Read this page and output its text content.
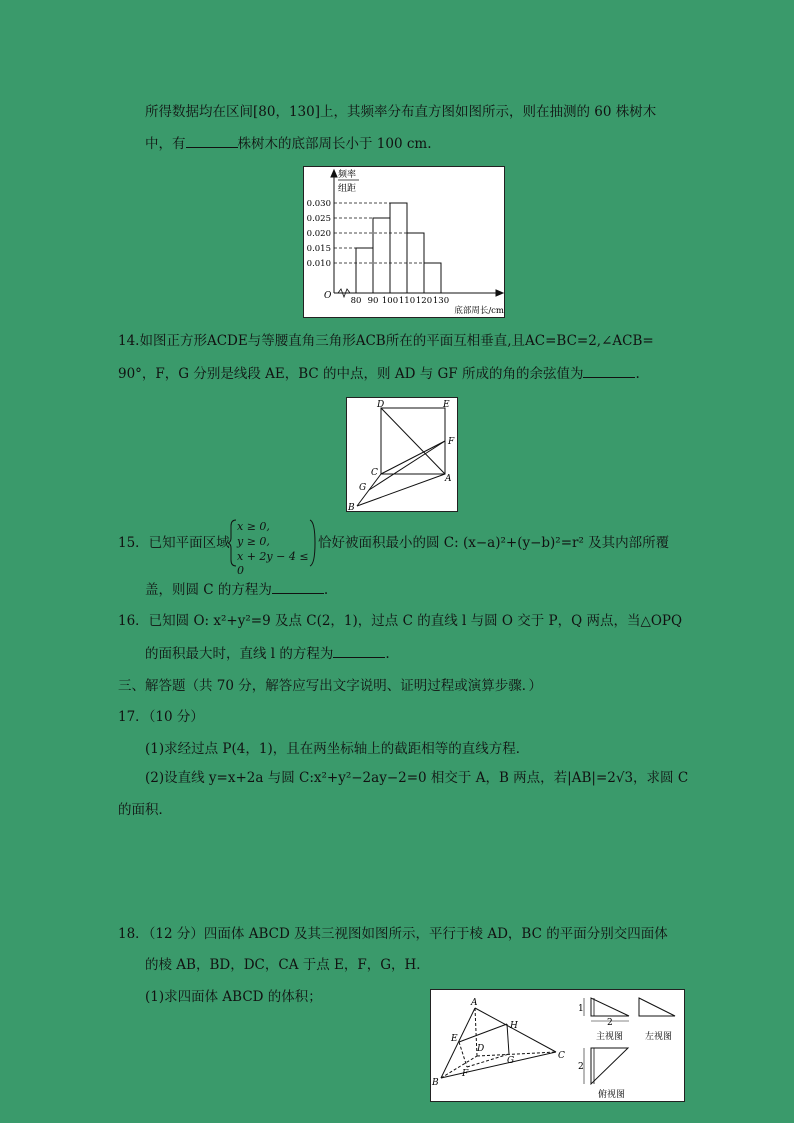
所得数据均在区间[80，130]上，其频率分布直方图如图所示，则在抽测的 60 株树木
中，有	株树木的底部周长小于 100 cm.
频率
组距
O
0.010
0.015
0.020
0.025
0.030
80 90 100 110 120 130
底部周长/cm
14.如图正方形ACDE与等腰直角三角形ACB所在的平面互相垂直,且AC=BC=2,∠ACB=
90°，F，G 分别是线段 AE，BC 的中点，则 AD 与 GF 所成的角的余弦值为	.
D	E
F
C
A
G
B
15．已知平面区域
x ≥ 0,
y ≥ 0,
x + 2y − 4 ≤ 0
恰好被面积最小的圆 C: (x−a)²+(y−b)²=r² 及其内部所覆
盖，则圆 C 的方程为	.
16．已知圆 O: x²+y²=9 及点 C(2，1)，过点 C 的直线 l 与圆 O 交于 P，Q 两点，当△OPQ
的面积最大时，直线 l 的方程为	.
三、解答题（共 70 分，解答应写出文字说明、证明过程或演算步骤．）
17．（10 分）
(1)求经过点 P(4，1)，且在两坐标轴上的截距相等的直线方程．
(2)设直线 y=x+2a 与圆 C:x²+y²−2ay−2=0 相交于 A，B 两点，若|AB|=2√3，求圆 C
的面积．
18．（12 分）四面体 ABCD 及其三视图如图所示，平行于棱 AD，BC 的平面分别交四面体
的棱 AB，BD，DC，CA 于点 E，F，G，H．
(1)求四面体 ABCD 的体积；	A
B
C
D
E
F
G
H
1
2
主视图 左视图
2
俯视图
